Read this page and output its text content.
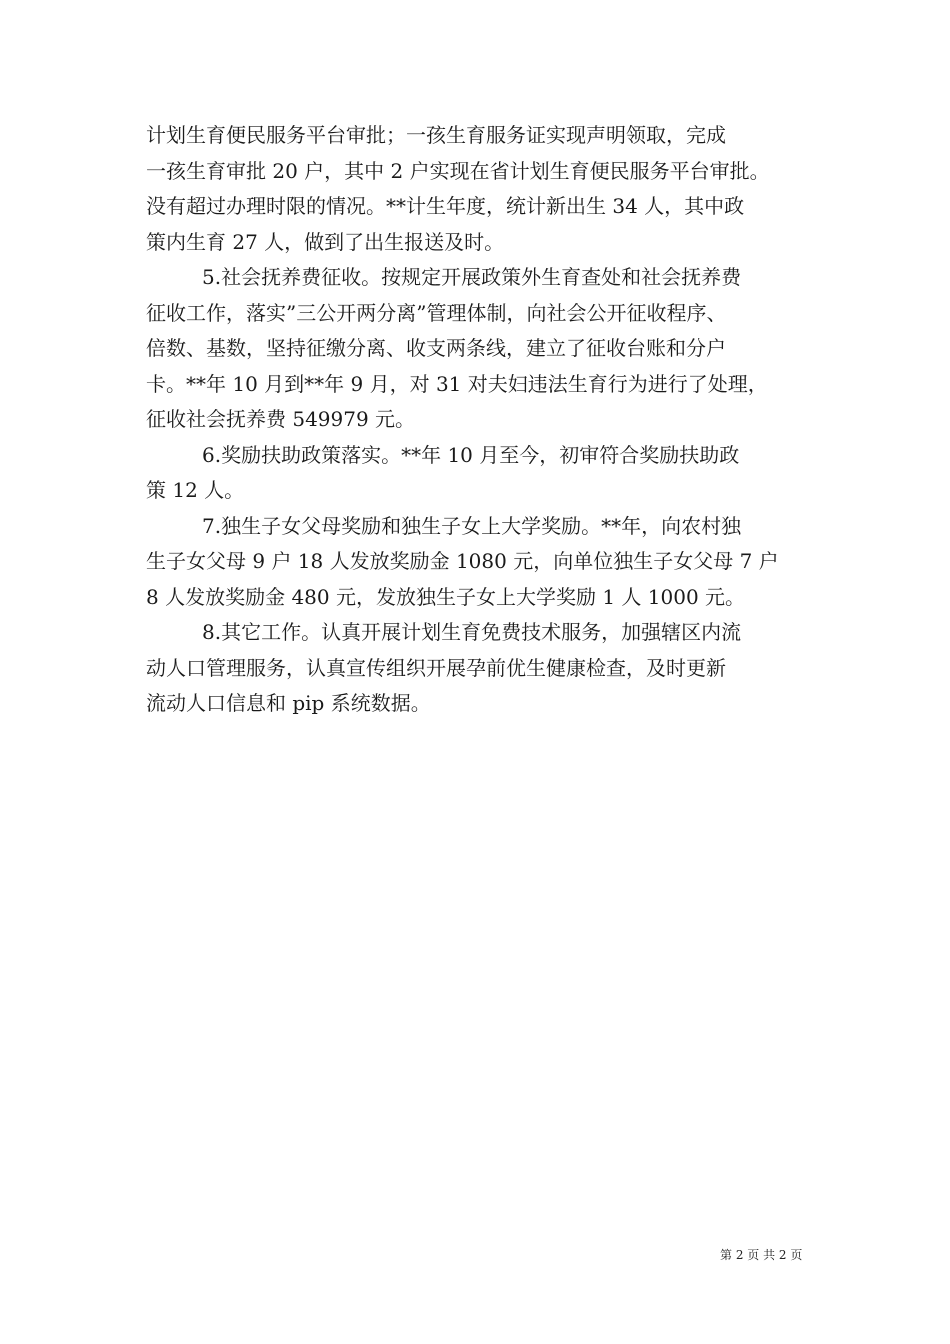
计划生育便民服务平台审批；一孩生育服务证实现声明领取，完成
一孩生育审批 20 户，其中 2 户实现在省计划生育便民服务平台审批。
没有超过办理时限的情况。**计生年度，统计新出生 34 人，其中政
策内生育 27 人，做到了出生报送及时。

5.社会抚养费征收。按规定开展政策外生育查处和社会抚养费
征收工作，落实”三公开两分离”管理体制，向社会公开征收程序、
倍数、基数，坚持征缴分离、收支两条线，建立了征收台账和分户
卡。**年 10 月到**年 9 月，对 31 对夫妇违法生育行为进行了处理，
征收社会抚养费 549979 元。

6.奖励扶助政策落实。**年 10 月至今，初审符合奖励扶助政
策 12 人。

7.独生子女父母奖励和独生子女上大学奖励。**年，向农村独
生子女父母 9 户 18 人发放奖励金 1080 元，向单位独生子女父母 7 户
8 人发放奖励金 480 元，发放独生子女上大学奖励 1 人 1000 元。

8.其它工作。认真开展计划生育免费技术服务，加强辖区内流
动人口管理服务，认真宣传组织开展孕前优生健康检查，及时更新
流动人口信息和 pip 系统数据。

第 2 页 共 2 页
